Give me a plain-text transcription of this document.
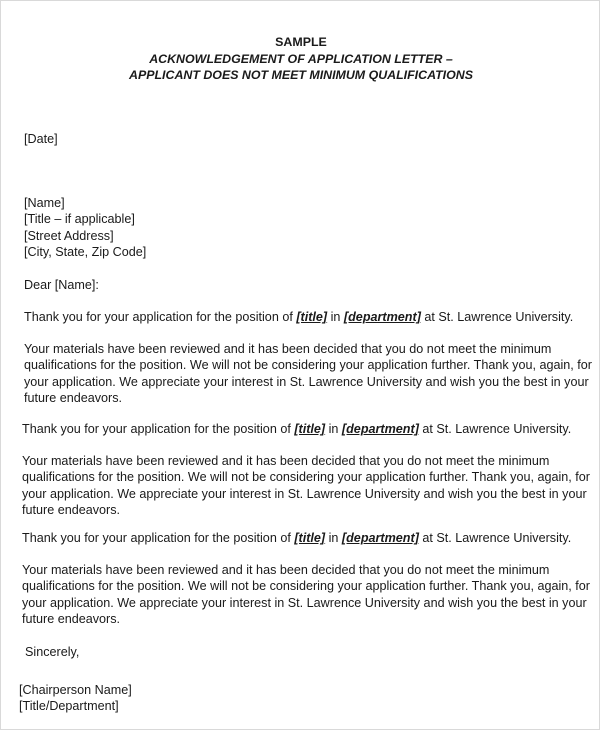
SAMPLE
ACKNOWLEDGEMENT OF APPLICATION LETTER –
APPLICANT DOES NOT MEET MINIMUM QUALIFICATIONS
[Date]
[Name]
[Title – if applicable]
[Street Address]
[City, State, Zip Code]
Dear [Name]:
Thank you for your application for the position of [title] in [department] at St. Lawrence University.
Your materials have been reviewed and it has been decided that you do not meet the minimum
qualifications for the position. We will not be considering your application further. Thank you, again, for
your application. We appreciate your interest in St. Lawrence University and wish you the best in your
future endeavors.
Thank you for your application for the position of [title] in [department] at St. Lawrence University.
Your materials have been reviewed and it has been decided that you do not meet the minimum
qualifications for the position. We will not be considering your application further. Thank you, again, for
your application. We appreciate your interest in St. Lawrence University and wish you the best in your
future endeavors.
Thank you for your application for the position of [title] in [department] at St. Lawrence University.
Your materials have been reviewed and it has been decided that you do not meet the minimum
qualifications for the position. We will not be considering your application further. Thank you, again, for
your application. We appreciate your interest in St. Lawrence University and wish you the best in your
future endeavors.
Sincerely,
[Chairperson Name]
[Title/Department]
